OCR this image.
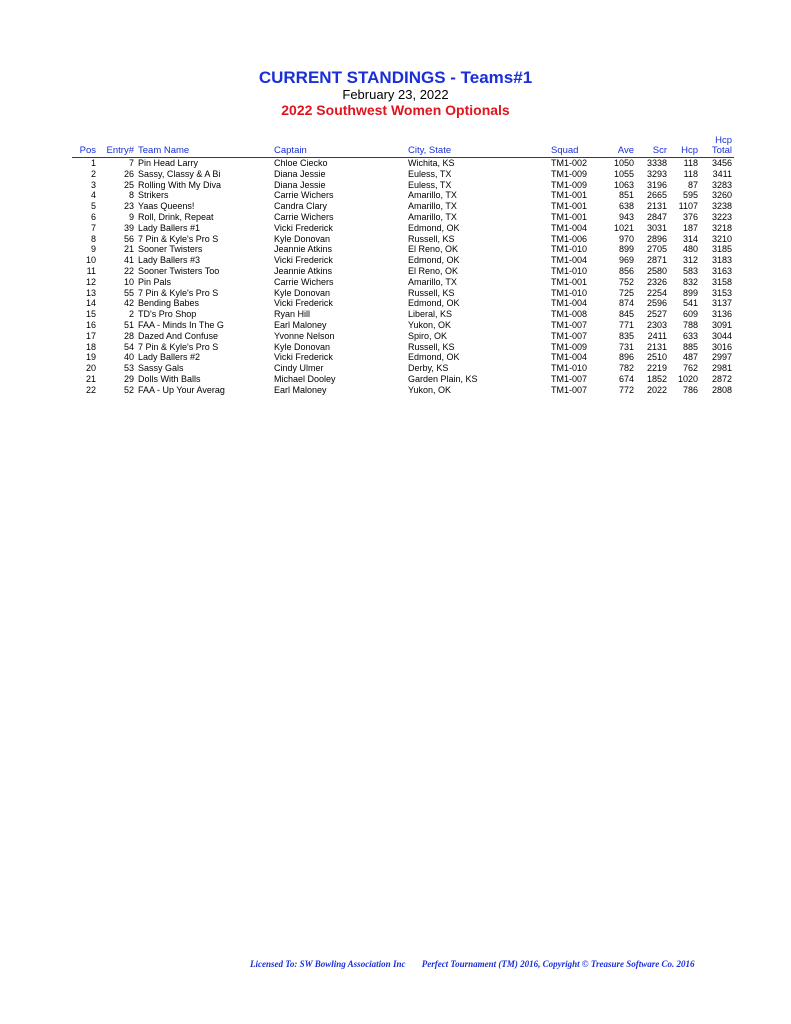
CURRENT STANDINGS - Teams#1
February 23, 2022
2022 Southwest Women Optionals
Pos	Entry#	Team Name	Captain	City, State	Squad	Ave	Scr	Hcp	Hcp
Total
1	7	Pin Head Larry	Chloe Ciecko	Wichita, KS	TM1-002	1050	3338	118	3456
2	26	Sassy, Classy & A Bi	Diana Jessie	Euless, TX	TM1-009	1055	3293	118	3411
3	25	Rolling With My Diva	Diana Jessie	Euless, TX	TM1-009	1063	3196	87	3283
4	8	Strikers	Carrie Wichers	Amarillo, TX	TM1-001	851	2665	595	3260
5	23	Yaas Queens!	Candra Clary	Amarillo, TX	TM1-001	638	2131	1107	3238
6	9	Roll, Drink, Repeat	Carrie Wichers	Amarillo, TX	TM1-001	943	2847	376	3223
7	39	Lady Ballers #1	Vicki Frederick	Edmond, OK	TM1-004	1021	3031	187	3218
8	56	7 Pin & Kyle's Pro S	Kyle Donovan	Russell, KS	TM1-006	970	2896	314	3210
9	21	Sooner Twisters	Jeannie Atkins	El Reno, OK	TM1-010	899	2705	480	3185
10	41	Lady Ballers #3	Vicki Frederick	Edmond, OK	TM1-004	969	2871	312	3183
11	22	Sooner Twisters Too	Jeannie Atkins	El Reno, OK	TM1-010	856	2580	583	3163
12	10	Pin Pals	Carrie Wichers	Amarillo, TX	TM1-001	752	2326	832	3158
13	55	7 Pin & Kyle's Pro S	Kyle Donovan	Russell, KS	TM1-010	725	2254	899	3153
14	42	Bending Babes	Vicki Frederick	Edmond, OK	TM1-004	874	2596	541	3137
15	2	TD's Pro Shop	Ryan Hill	Liberal, KS	TM1-008	845	2527	609	3136
16	51	FAA - Minds In The G	Earl Maloney	Yukon, OK	TM1-007	771	2303	788	3091
17	28	Dazed And Confuse	Yvonne Nelson	Spiro, OK	TM1-007	835	2411	633	3044
18	54	7 Pin & Kyle's Pro S	Kyle Donovan	Russell, KS	TM1-009	731	2131	885	3016
19	40	Lady Ballers #2	Vicki Frederick	Edmond, OK	TM1-004	896	2510	487	2997
20	53	Sassy Gals	Cindy Ulmer	Derby, KS	TM1-010	782	2219	762	2981
21	29	Dolls With Balls	Michael Dooley	Garden Plain, KS	TM1-007	674	1852	1020	2872
22	52	FAA - Up Your Averag	Earl Maloney	Yukon, OK	TM1-007	772	2022	786	2808
Licensed To: SW Bowling Association Inc Perfect Tournament (TM) 2016, Copyright © Treasure Software Co. 2016
